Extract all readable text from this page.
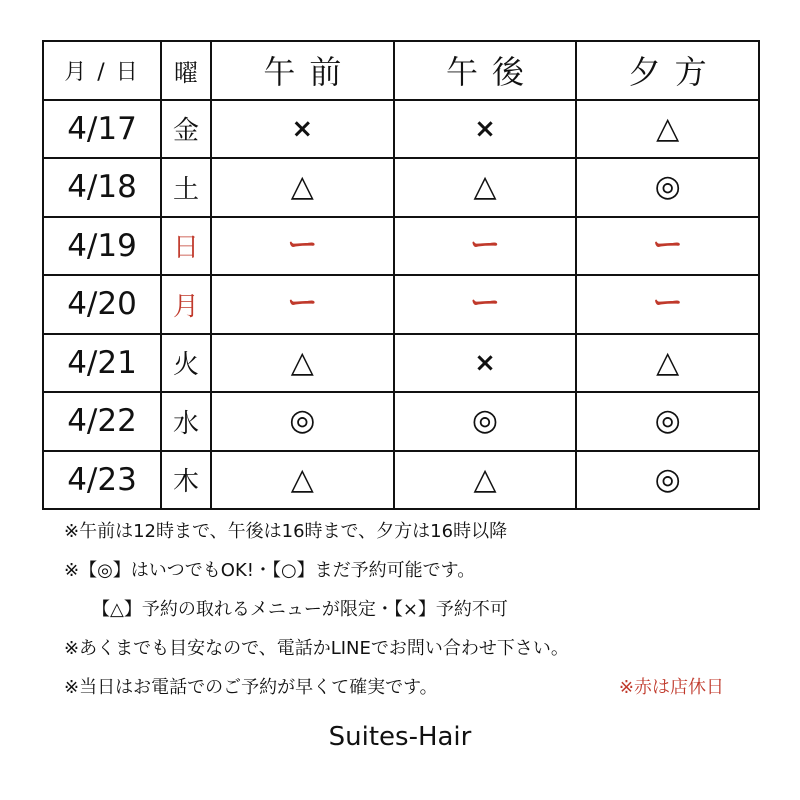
月 / 日	曜	午前	午後	夕方
4/17	金	×	×	△
4/18	土	△	△	◎
4/19	日	ー	ー	ー
4/20	月	ー	ー	ー
4/21	火	△	×	△
4/22	水	◎	◎	◎
4/23	木	△	△	◎
※午前は12時まで、午後は16時まで、夕方は16時以降
※【◎】はいつでもOK!・【○】まだ予約可能です。
【△】予約の取れるメニューが限定・【×】予約不可
※あくまでも目安なので、電話かLINEでお問い合わせ下さい。
※当日はお電話でのご予約が早くて確実です。	※赤は店休日
Suites-Hair
